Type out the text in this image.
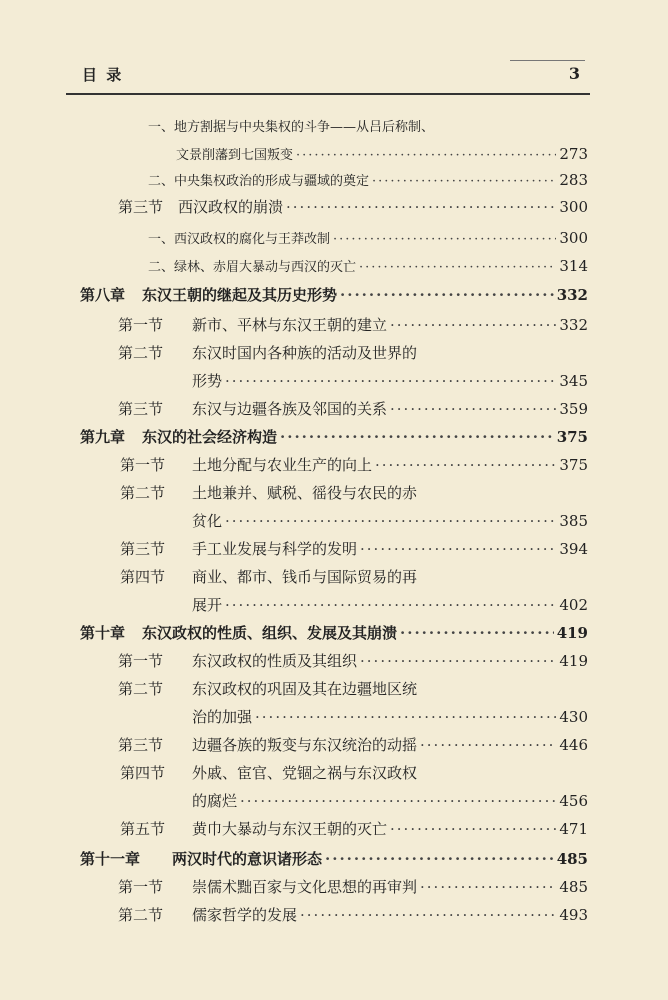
目 录	3
一、 地方割据与中央集权的斗争——从吕后称制、
文景削藩到七国叛变 ·····	273
二、 中央集权政治的形成与疆域的奠定 ·····	283
第三节 西汉政权的崩溃 ·····	300
一、 西汉政权的腐化与王莽改制 ·····	300
二、 绿林、赤眉大暴动与西汉的灭亡 ·····	314
第八章	东汉王朝的继起及其历史形势 ·····	332
第一节	新市、平林与东汉王朝的建立 ·····	332
第二节	东汉时国内各种族的活动及世界的
形势 ·····	345
第三节	东汉与边疆各族及邻国的关系 ·····	359
第九章	东汉的社会经济构造 ·····	375
第一节	土地分配与农业生产的向上 ·····	375
第二节	土地兼并、赋税、徭役与农民的赤
贫化 ·····	385
第三节	手工业发展与科学的发明 ·····	394
第四节	商业、都市、钱币与国际贸易的再
展开 ·····	402
第十章	东汉政权的性质、组织、发展及其崩溃 ·····	419
第一节	东汉政权的性质及其组织 ·····	419
第二节	东汉政权的巩固及其在边疆地区统
治的加强 ·····	430
第三节	边疆各族的叛变与东汉统治的动摇 ·····	446
第四节	外戚、宦官、党锢之祸与东汉政权
的腐烂 ·····	456
第五节	黄巾大暴动与东汉王朝的灭亡 ·····	471
第十一章	两汉时代的意识诸形态 ·····	485
第一节	崇儒术黜百家与文化思想的再审判 ·····	485
第二节	儒家哲学的发展 ·····	493
